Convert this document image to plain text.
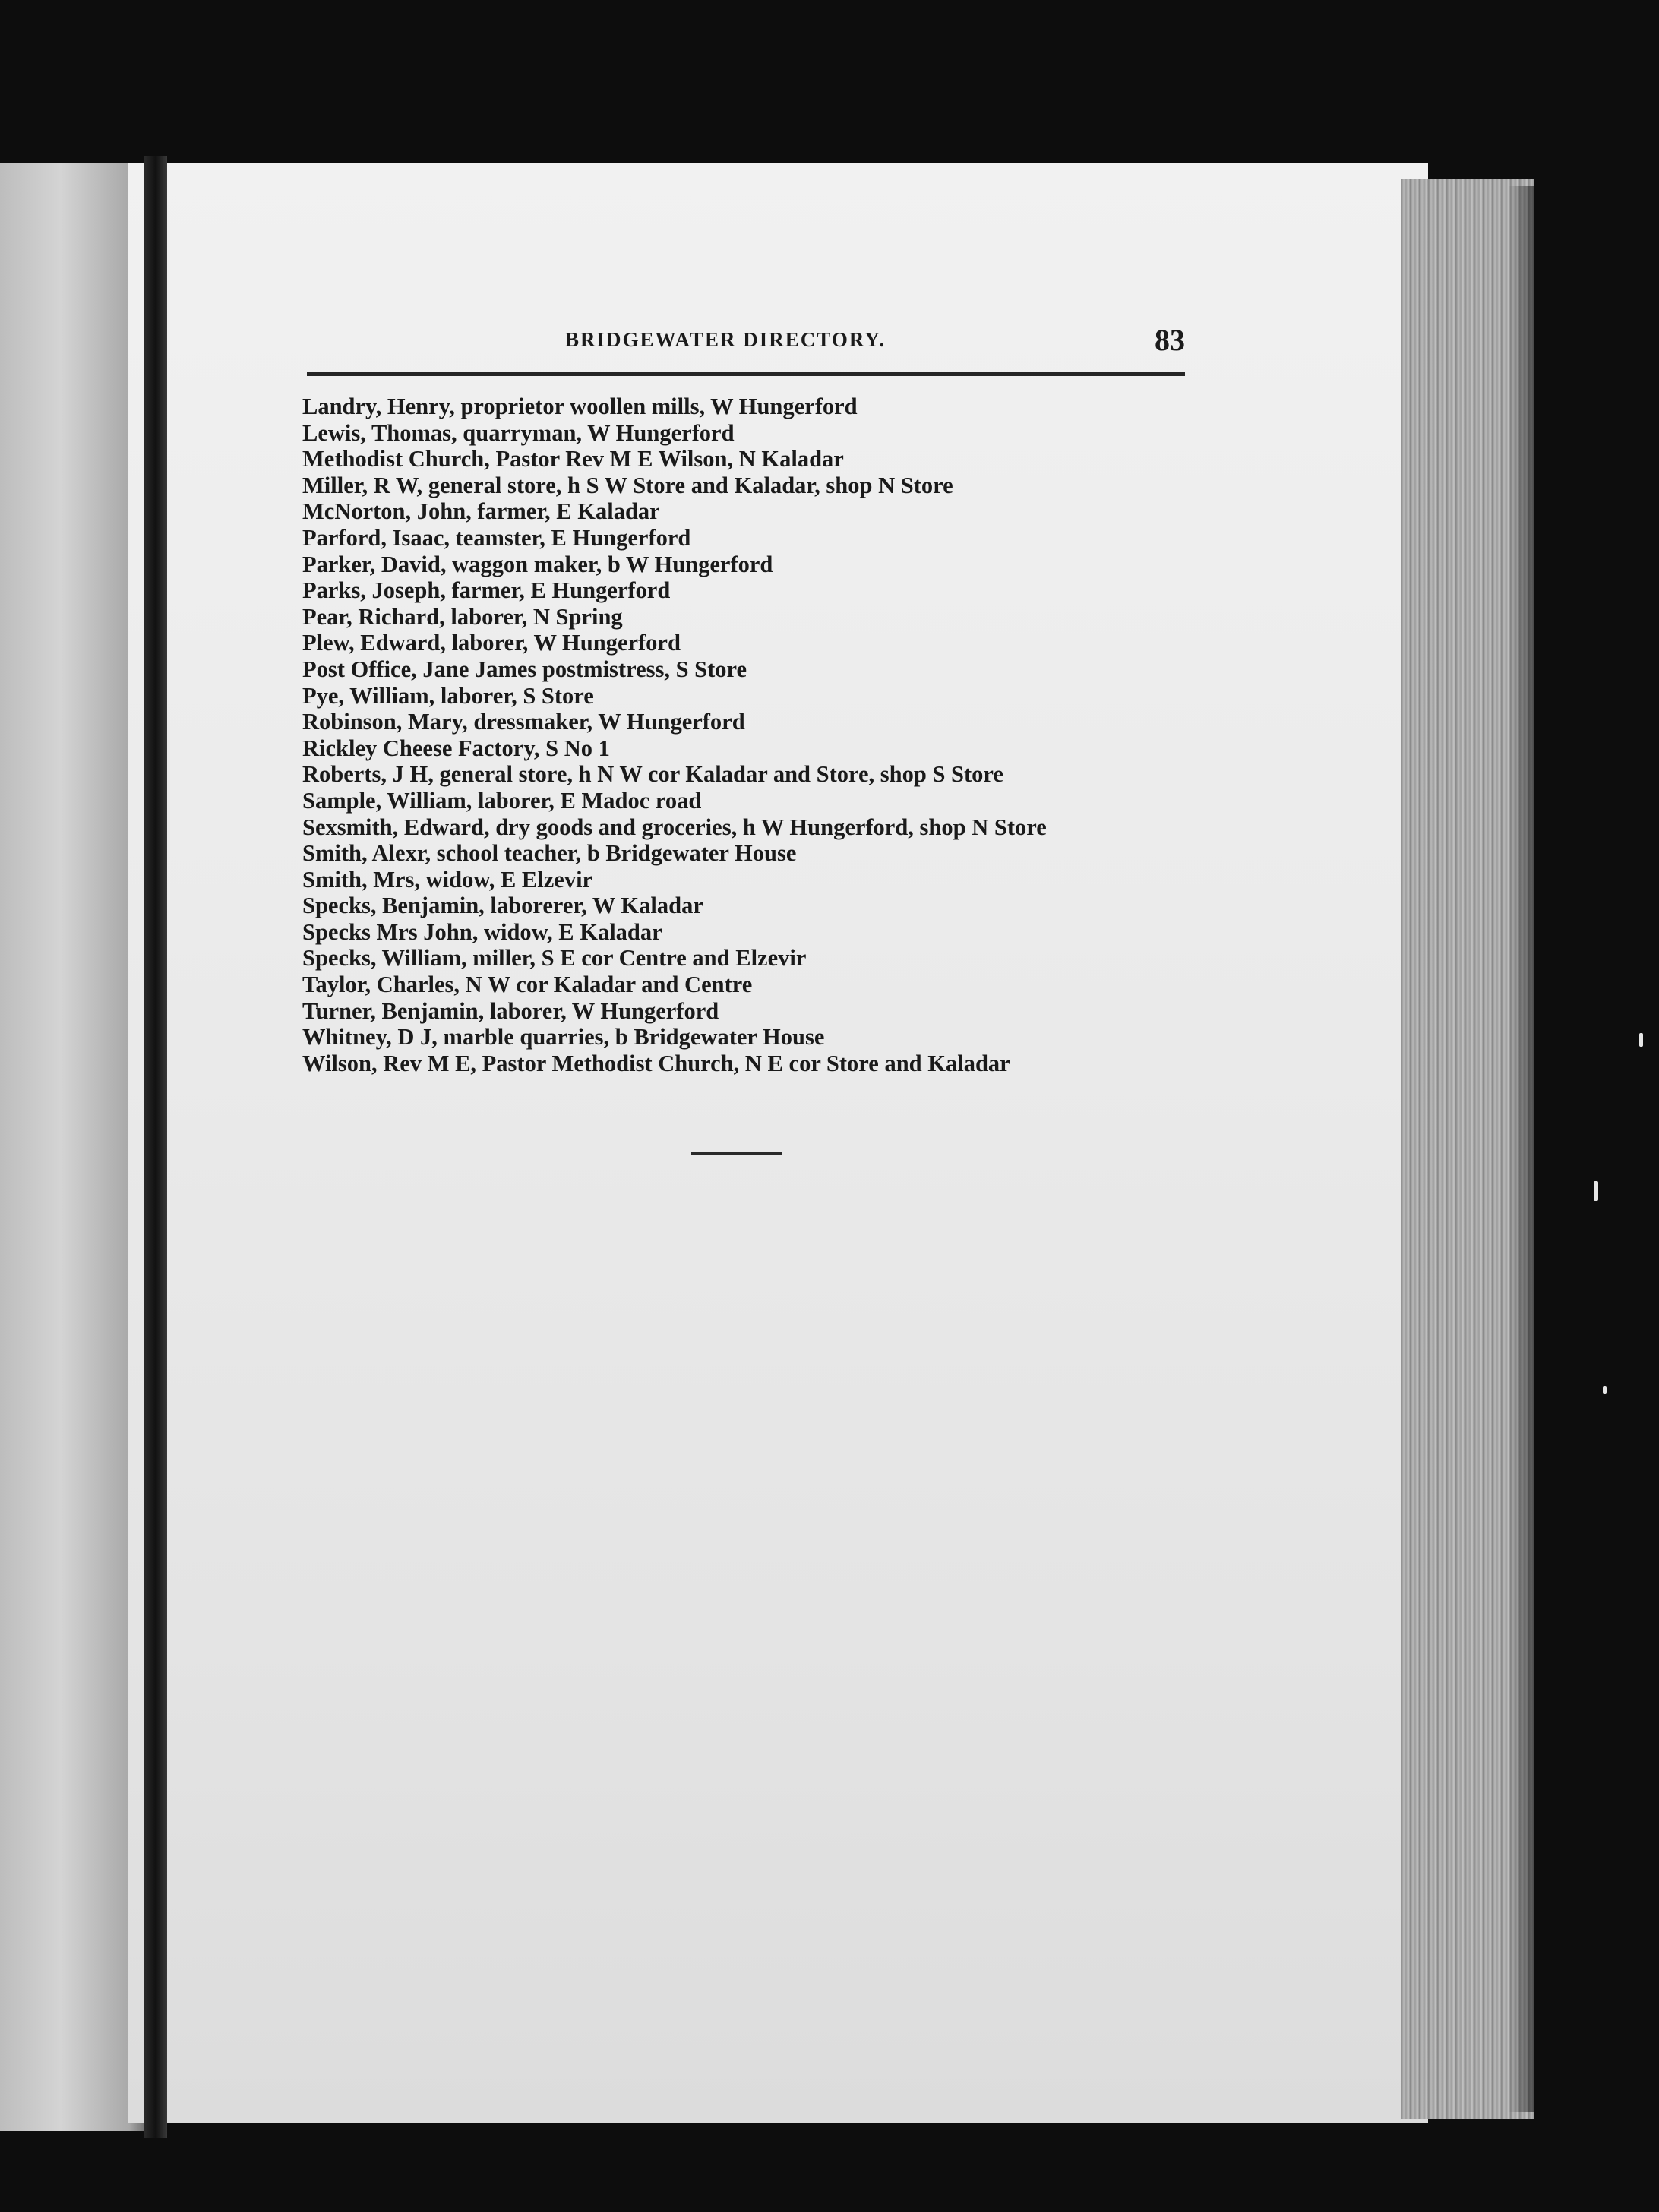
BRIDGEWATER DIRECTORY.	83
Landry, Henry, proprietor woollen mills, W Hungerford
Lewis, Thomas, quarryman, W Hungerford
Methodist Church, Pastor Rev M E Wilson, N Kaladar
Miller, R W, general store, h S W Store and Kaladar, shop N Store
McNorton, John, farmer, E Kaladar
Parford, Isaac, teamster, E Hungerford
Parker, David, waggon maker, b W Hungerford
Parks, Joseph, farmer, E Hungerford
Pear, Richard, laborer, N Spring
Plew, Edward, laborer, W Hungerford
Post Office, Jane James postmistress, S Store
Pye, William, laborer, S Store
Robinson, Mary, dressmaker, W Hungerford
Rickley Cheese Factory, S No 1
Roberts, J H, general store, h N W cor Kaladar and Store, shop S Store
Sample, William, laborer, E Madoc road
Sexsmith, Edward, dry goods and groceries, h W Hungerford, shop N Store
Smith, Alexr, school teacher, b Bridgewater House
Smith, Mrs, widow, E Elzevir
Specks, Benjamin, laborerer, W Kaladar
Specks Mrs John, widow, E Kaladar
Specks, William, miller, S E cor Centre and Elzevir
Taylor, Charles, N W cor Kaladar and Centre
Turner, Benjamin, laborer, W Hungerford
Whitney, D J, marble quarries, b Bridgewater House
Wilson, Rev M E, Pastor Methodist Church, N E cor Store and Kaladar
